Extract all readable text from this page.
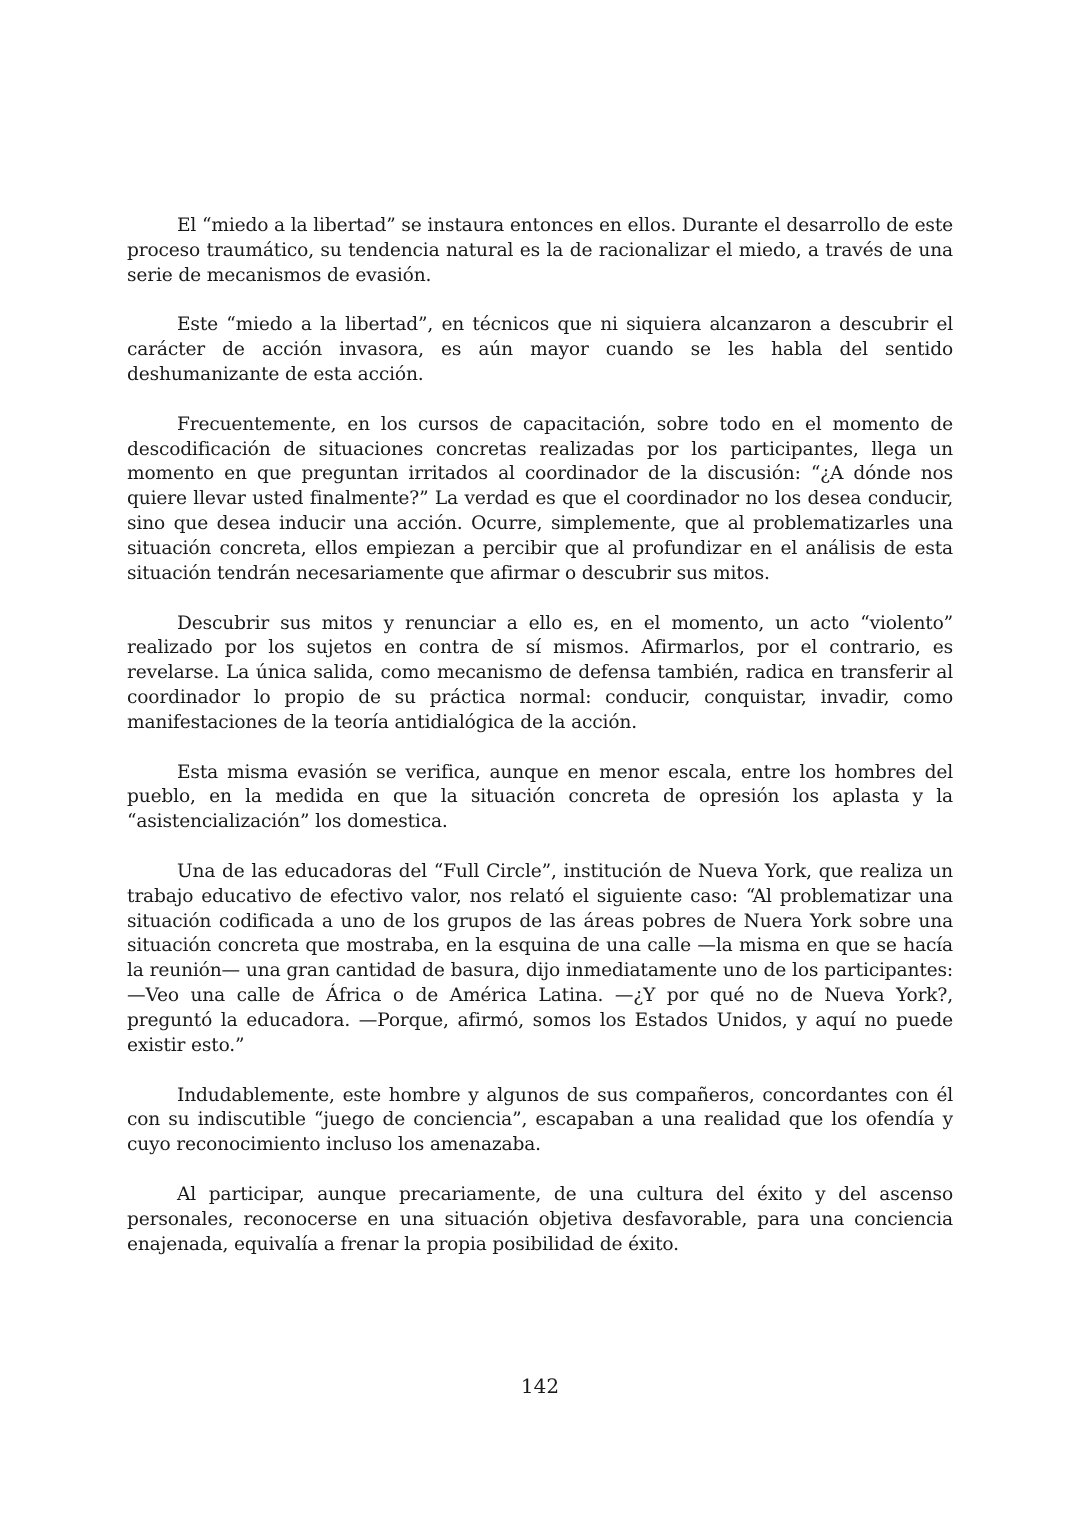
El “miedo a la libertad” se instaura entonces en ellos. Durante el desarrollo de este proceso traumático, su tendencia natural es la de racionalizar el miedo, a través de una serie de mecanismos de evasión.

Este “miedo a la libertad”, en técnicos que ni siquiera alcanzaron a descubrir el carácter de acción invasora, es aún mayor cuando se les habla del sentido deshumanizante de esta acción.

Frecuentemente, en los cursos de capacitación, sobre todo en el momento de descodificación de situaciones concretas realizadas por los participantes, llega un momento en que preguntan irritados al coordinador de la discusión: “¿A dónde nos quiere llevar usted finalmente?” La verdad es que el coordinador no los desea conducir, sino que desea inducir una acción. Ocurre, simplemente, que al problematizarles una situación concreta, ellos empiezan a percibir que al profundizar en el análisis de esta situación tendrán necesariamente que afirmar o descubrir sus mitos.

Descubrir sus mitos y renunciar a ello es, en el momento, un acto “violento” realizado por los sujetos en contra de sí mismos. Afirmarlos, por el contrario, es revelarse. La única salida, como mecanismo de defensa también, radica en transferir al coordinador lo propio de su práctica normal: conducir, conquistar, invadir, como manifestaciones de la teoría antidialógica de la acción.

Esta misma evasión se verifica, aunque en menor escala, entre los hombres del pueblo, en la medida en que la situación concreta de opresión los aplasta y la “asistencialización” los domestica.

Una de las educadoras del “Full Circle”, institución de Nueva York, que realiza un trabajo educativo de efectivo valor, nos relató el siguiente caso: “Al problematizar una situación codificada a uno de los grupos de las áreas pobres de Nuera York sobre una situación concreta que mostraba, en la esquina de una calle —la misma en que se hacía la reunión— una gran cantidad de basura, dijo inmediatamente uno de los participantes: —Veo una calle de África o de América Latina. —¿Y por qué no de Nueva York?, preguntó la educadora. —Porque, afirmó, somos los Estados Unidos, y aquí no puede existir esto.”

Indudablemente, este hombre y algunos de sus compañeros, concordantes con él con su indiscutible “juego de conciencia”, escapaban a una realidad que los ofendía y cuyo reconocimiento incluso los amenazaba.

Al participar, aunque precariamente, de una cultura del éxito y del ascenso personales, reconocerse en una situación objetiva desfavorable, para una conciencia enajenada, equivalía a frenar la propia posibilidad de éxito.

142
